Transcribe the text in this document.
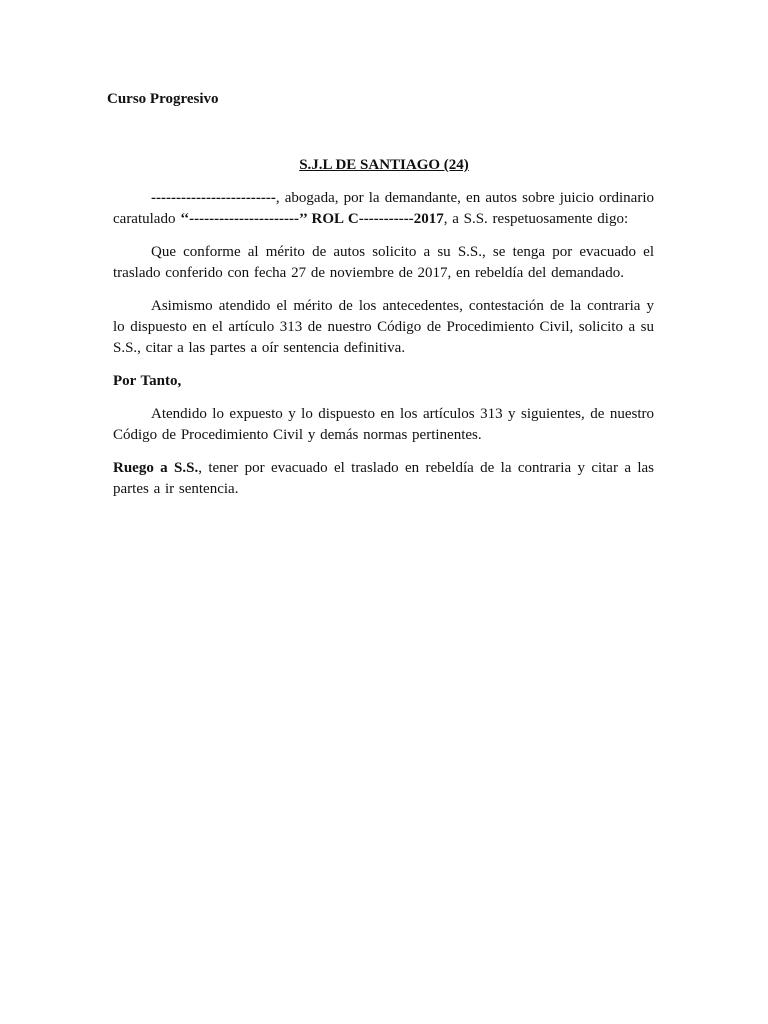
Curso Progresivo

S.J.L DE SANTIAGO (24)

-------------------------, abogada, por la demandante, en autos sobre juicio ordinario caratulado ‘‘----------------------’’ ROL C-----------2017, a S.S. respetuosamente digo:

Que conforme al mérito de autos solicito a su S.S., se tenga por evacuado el traslado conferido con fecha 27 de noviembre de 2017, en rebeldía del demandado.

Asimismo atendido el mérito de los antecedentes, contestación de la contraria y lo dispuesto en el artículo 313 de nuestro Código de Procedimiento Civil, solicito a su S.S., citar a las partes a oír sentencia definitiva.

Por Tanto,

Atendido lo expuesto y lo dispuesto en los artículos 313 y siguientes, de nuestro Código de Procedimiento Civil y demás normas pertinentes.

Ruego a S.S., tener por evacuado el traslado en rebeldía de la contraria y citar a las partes a ir sentencia.
